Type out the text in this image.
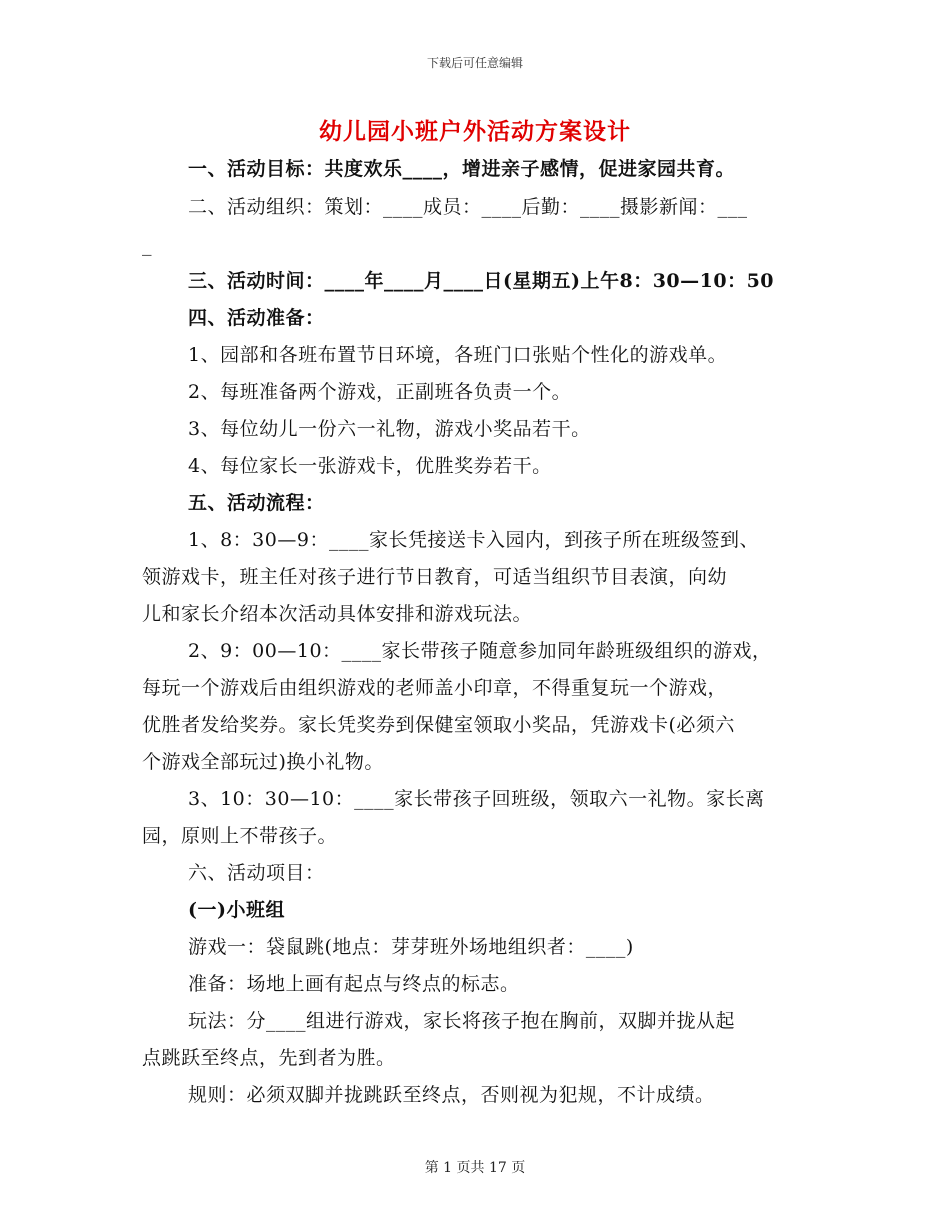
下载后可任意编辑
幼儿园小班户外活动方案设计
一、活动目标：共度欢乐____，增进亲子感情，促进家园共育。
二、活动组织：策划：____成员：____后勤：____摄影新闻：___
_
三、活动时间：____年____月____日(星期五)上午8：30—10：50
四、活动准备：
1、园部和各班布置节日环境，各班门口张贴个性化的游戏单。
2、每班准备两个游戏，正副班各负责一个。
3、每位幼儿一份六一礼物，游戏小奖品若干。
4、每位家长一张游戏卡，优胜奖券若干。
五、活动流程：
1、8：30—9：____家长凭接送卡入园内，到孩子所在班级签到、
领游戏卡，班主任对孩子进行节日教育，可适当组织节目表演，向幼
儿和家长介绍本次活动具体安排和游戏玩法。
2、9：00—10：____家长带孩子随意参加同年龄班级组织的游戏，
每玩一个游戏后由组织游戏的老师盖小印章，不得重复玩一个游戏，
优胜者发给奖券。家长凭奖券到保健室领取小奖品，凭游戏卡(必须六
个游戏全部玩过)换小礼物。
3、10：30—10：____家长带孩子回班级，领取六一礼物。家长离
园，原则上不带孩子。
六、活动项目：
(一)小班组
游戏一：袋鼠跳(地点：芽芽班外场地组织者：____)
准备：场地上画有起点与终点的标志。
玩法：分____组进行游戏，家长将孩子抱在胸前，双脚并拢从起
点跳跃至终点，先到者为胜。
规则：必须双脚并拢跳跃至终点，否则视为犯规，不计成绩。
第 1 页共 17 页
